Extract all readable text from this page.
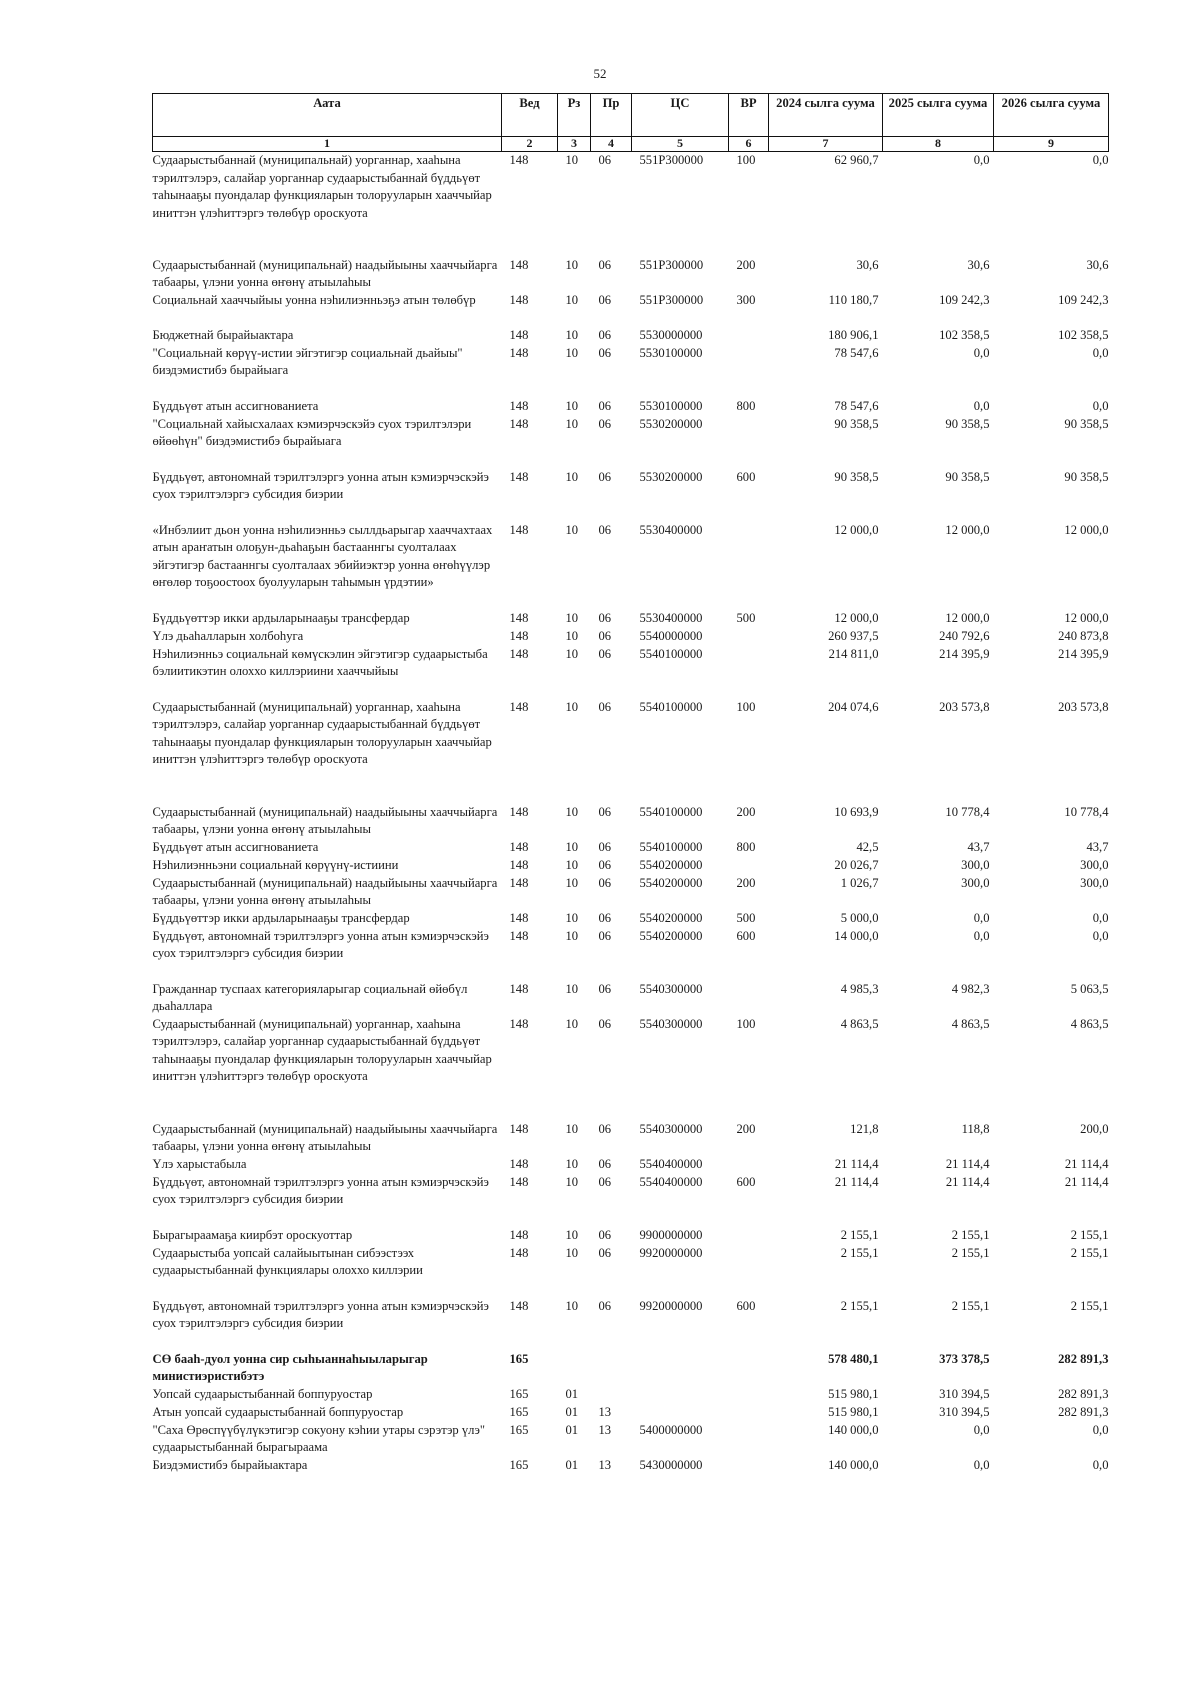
52
Аата	Вед	Рз	Пр	ЦС	ВР	2024 сылга суума	2025 сылга суума	2026 сылга суума
1	2	3	4	5	6	7	8	9
Судаарыстыбаннай (муниципальнай) уорганнар, хааһына тэрилтэлэрэ, салайар уорганнар судаарыстыбаннай бүддьүөт таһынааҕы пуондалар функцияларын толорууларын хааччыйар иниттэн үлэһиттэргэ төлөбүр ороскуота	148	10	06	551P300000	100	62 960,7	0,0	0,0
Судаарыстыбаннай (муниципальнай) наадыйыыны хааччыйарга табаары, үлэни уонна өҥөнү атыылаһыы	148	10	06	551P300000	200	30,6	30,6	30,6
Социальнай хааччыйыы уонна нэһилиэнньэҕэ атын төлөбүр	148	10	06	551P300000	300	110 180,7	109 242,3	109 242,3
Бюджетнай бырайыактара	148	10	06	5530000000		180 906,1	102 358,5	102 358,5
"Социальнай көрүү-истии эйгэтигэр социальнай дьайыы" биэдэмистибэ бырайыага	148	10	06	5530100000		78 547,6	0,0	0,0
Бүддьүөт атын ассигнованиета	148	10	06	5530100000	800	78 547,6	0,0	0,0
"Социальнай хайысхалаах кэмиэрчэскэйэ суох тэрилтэлэри өйөөһүн" биэдэмистибэ бырайыага	148	10	06	5530200000		90 358,5	90 358,5	90 358,5
Бүддьүөт, автономнай тэрилтэлэргэ уонна атын кэмиэрчэскэйэ суох тэрилтэлэргэ субсидия биэрии	148	10	06	5530200000	600	90 358,5	90 358,5	90 358,5
«Инбэлиит дьон уонна нэһилиэнньэ сыллдьарыгар хааччахтаах атын араҥатын олоҕун-дьаһаҕын бастааннгы суолталаах эйгэтигэр бастааннгы суолталаах эбийиэктэр уонна өҥөһүүлэр өҥөлөр тоҕоостоох буолууларын таһымын үрдэтии»	148	10	06	5530400000		12 000,0	12 000,0	12 000,0
Бүддьүөттэр икки ардыларынааҕы трансфердар	148	10	06	5530400000	500	12 000,0	12 000,0	12 000,0
Үлэ дьаһалларын холбоһуга	148	10	06	5540000000		260 937,5	240 792,6	240 873,8
Нэһилиэнньэ социальнай көмүскэлин эйгэтигэр судаарыстыба бэлиитикэтин олоххо киллэриини хааччыйыы	148	10	06	5540100000		214 811,0	214 395,9	214 395,9
Судаарыстыбаннай (муниципальнай) уорганнар, хааһына тэрилтэлэрэ, салайар уорганнар судаарыстыбаннай бүддьүөт таһынааҕы пуондалар функцияларын толорууларын хааччыйар иниттэн үлэһиттэргэ төлөбүр ороскуота	148	10	06	5540100000	100	204 074,6	203 573,8	203 573,8
Судаарыстыбаннай (муниципальнай) наадыйыыны хааччыйарга табаары, үлэни уонна өҥөнү атыылаһыы	148	10	06	5540100000	200	10 693,9	10 778,4	10 778,4
Бүддьүөт атын ассигнованиета	148	10	06	5540100000	800	42,5	43,7	43,7
Нэһилиэнньэни социальнай көрүүнү-истиини	148	10	06	5540200000		20 026,7	300,0	300,0
Судаарыстыбаннай (муниципальнай) наадыйыыны хааччыйарга табаары, үлэни уонна өҥөнү атыылаһыы	148	10	06	5540200000	200	1 026,7	300,0	300,0
Бүддьүөттэр икки ардыларынааҕы трансфердар	148	10	06	5540200000	500	5 000,0	0,0	0,0
Бүддьүөт, автономнай тэрилтэлэргэ уонна атын кэмиэрчэскэйэ суох тэрилтэлэргэ субсидия биэрии	148	10	06	5540200000	600	14 000,0	0,0	0,0
Гражданнар туспаах категорияларыгар социальнай өйөбүл дьаһаллара	148	10	06	5540300000		4 985,3	4 982,3	5 063,5
Судаарыстыбаннай (муниципальнай) уорганнар, хааһына тэрилтэлэрэ, салайар уорганнар судаарыстыбаннай бүддьүөт таһынааҕы пуондалар функцияларын толорууларын хааччыйар иниттэн үлэһиттэргэ төлөбүр ороскуота	148	10	06	5540300000	100	4 863,5	4 863,5	4 863,5
Судаарыстыбаннай (муниципальнай) наадыйыыны хааччыйарга табаары, үлэни уонна өҥөнү атыылаһыы	148	10	06	5540300000	200	121,8	118,8	200,0
Үлэ харыстабыла	148	10	06	5540400000		21 114,4	21 114,4	21 114,4
Бүддьүөт, автономнай тэрилтэлэргэ уонна атын кэмиэрчэскэйэ суох тэрилтэлэргэ субсидия биэрии	148	10	06	5540400000	600	21 114,4	21 114,4	21 114,4
Бырагыраамаҕа киирбэт ороскуоттар	148	10	06	9900000000		2 155,1	2 155,1	2 155,1
Судаарыстыба уопсай салайыытынан сибээстээх судаарыстыбаннай функциялары олоххо киллэрии	148	10	06	9920000000		2 155,1	2 155,1	2 155,1
Бүддьүөт, автономнай тэрилтэлэргэ уонна атын кэмиэрчэскэйэ суох тэрилтэлэргэ субсидия биэрии	148	10	06	9920000000	600	2 155,1	2 155,1	2 155,1
СӨ бааһ-дуол уонна сир сыһыаннаһыыларыгар министиэристибэтэ	165					578 480,1	373 378,5	282 891,3
Уопсай судаарыстыбаннай боппуруостар	165	01				515 980,1	310 394,5	282 891,3
Атын уопсай судаарыстыбаннай боппуруостар	165	01	13			515 980,1	310 394,5	282 891,3
"Саха Өрөспүүбүлүкэтигэр сокуону кэһии утары сэрэтэр үлэ" судаарыстыбаннай бырагыраама	165	01	13	5400000000		140 000,0	0,0	0,0
Биэдэмистибэ бырайыактара	165	01	13	5430000000		140 000,0	0,0	0,0
